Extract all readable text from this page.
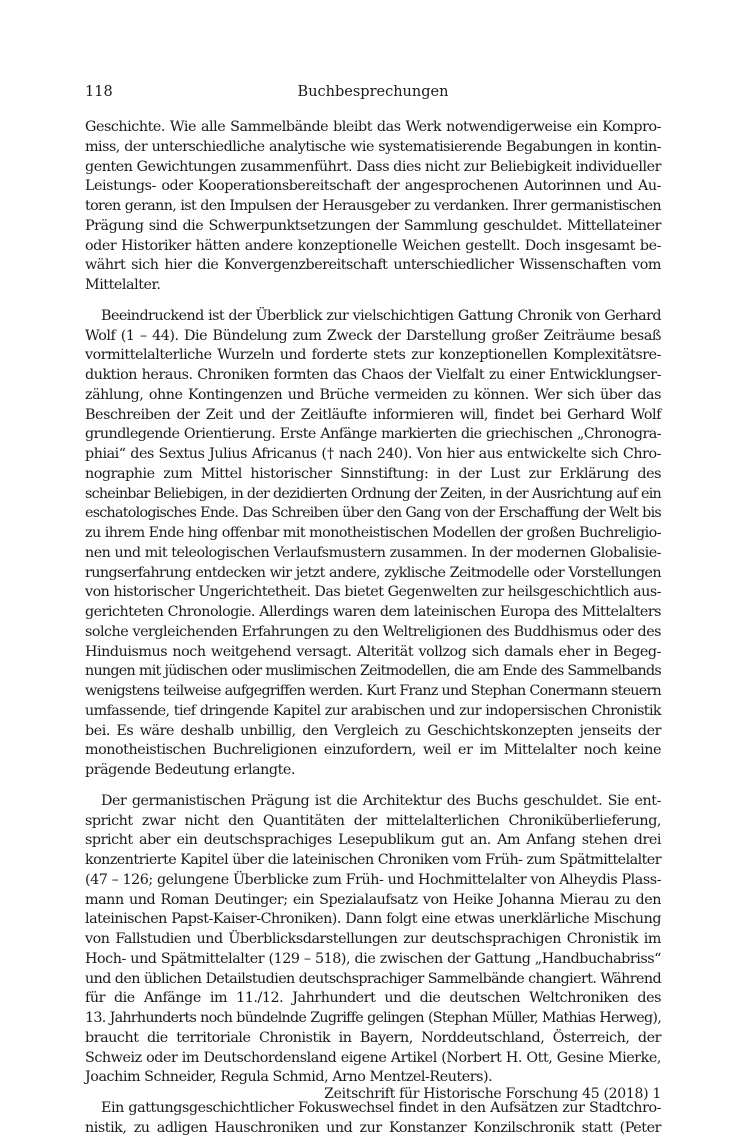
118	Buchbesprechungen
Geschichte. Wie alle Sammelbände bleibt das Werk notwendigerweise ein Kompro-
miss, der unterschiedliche analytische wie systematisierende Begabungen in kontin-
genten Gewichtungen zusammenführt. Dass dies nicht zur Beliebigkeit individueller
Leistungs- oder Kooperationsbereitschaft der angesprochenen Autorinnen und Au-
toren gerann, ist den Impulsen der Herausgeber zu verdanken. Ihrer germanistischen
Prägung sind die Schwerpunktsetzungen der Sammlung geschuldet. Mittellateiner
oder Historiker hätten andere konzeptionelle Weichen gestellt. Doch insgesamt be-
währt sich hier die Konvergenzbereitschaft unterschiedlicher Wissenschaften vom
Mittelalter.
Beeindruckend ist der Überblick zur vielschichtigen Gattung Chronik von Gerhard
Wolf (1 – 44). Die Bündelung zum Zweck der Darstellung großer Zeiträume besaß
vormittelalterliche Wurzeln und forderte stets zur konzeptionellen Komplexitätsre-
duktion heraus. Chroniken formten das Chaos der Vielfalt zu einer Entwicklungser-
zählung, ohne Kontingenzen und Brüche vermeiden zu können. Wer sich über das
Beschreiben der Zeit und der Zeitläufte informieren will, findet bei Gerhard Wolf
grundlegende Orientierung. Erste Anfänge markierten die griechischen „Chronogra-
phiai“ des Sextus Julius Africanus († nach 240). Von hier aus entwickelte sich Chro-
nographie zum Mittel historischer Sinnstiftung: in der Lust zur Erklärung des
scheinbar Beliebigen, in der dezidierten Ordnung der Zeiten, in der Ausrichtung auf ein
eschatologisches Ende. Das Schreiben über den Gang von der Erschaffung der Welt bis
zu ihrem Ende hing offenbar mit monotheistischen Modellen der großen Buchreligio-
nen und mit teleologischen Verlaufsmustern zusammen. In der modernen Globalisie-
rungserfahrung entdecken wir jetzt andere, zyklische Zeitmodelle oder Vorstellungen
von historischer Ungerichtetheit. Das bietet Gegenwelten zur heilsgeschichtlich aus-
gerichteten Chronologie. Allerdings waren dem lateinischen Europa des Mittelalters
solche vergleichenden Erfahrungen zu den Weltreligionen des Buddhismus oder des
Hinduismus noch weitgehend versagt. Alterität vollzog sich damals eher in Begeg-
nungen mit jüdischen oder muslimischen Zeitmodellen, die am Ende des Sammelbands
wenigstens teilweise aufgegriffen werden. Kurt Franz und Stephan Conermann steuern
umfassende, tief dringende Kapitel zur arabischen und zur indopersischen Chronistik
bei. Es wäre deshalb unbillig, den Vergleich zu Geschichtskonzepten jenseits der
monotheistischen Buchreligionen einzufordern, weil er im Mittelalter noch keine
prägende Bedeutung erlangte.
Der germanistischen Prägung ist die Architektur des Buchs geschuldet. Sie ent-
spricht zwar nicht den Quantitäten der mittelalterlichen Chroniküberlieferung,
spricht aber ein deutschsprachiges Lesepublikum gut an. Am Anfang stehen drei
konzentrierte Kapitel über die lateinischen Chroniken vom Früh- zum Spätmittelalter
(47 – 126; gelungene Überblicke zum Früh- und Hochmittelalter von Alheydis Plass-
mann und Roman Deutinger; ein Spezialaufsatz von Heike Johanna Mierau zu den
lateinischen Papst-Kaiser-Chroniken). Dann folgt eine etwas unerklärliche Mischung
von Fallstudien und Überblicksdarstellungen zur deutschsprachigen Chronistik im
Hoch- und Spätmittelalter (129 – 518), die zwischen der Gattung „Handbuchabriss“
und den üblichen Detailstudien deutschsprachiger Sammelbände changiert. Während
für die Anfänge im 11./12. Jahrhundert und die deutschen Weltchroniken des
13. Jahrhunderts noch bündelnde Zugriffe gelingen (Stephan Müller, Mathias Herweg),
braucht die territoriale Chronistik in Bayern, Norddeutschland, Österreich, der
Schweiz oder im Deutschordensland eigene Artikel (Norbert H. Ott, Gesine Mierke,
Joachim Schneider, Regula Schmid, Arno Mentzel-Reuters).
Ein gattungsgeschichtlicher Fokuswechsel findet in den Aufsätzen zur Stadtchro-
nistik, zu adligen Hauschroniken und zur Konstanzer Konzilschronik statt (Peter
Zeitschrift für Historische Forschung 45 (2018) 1
